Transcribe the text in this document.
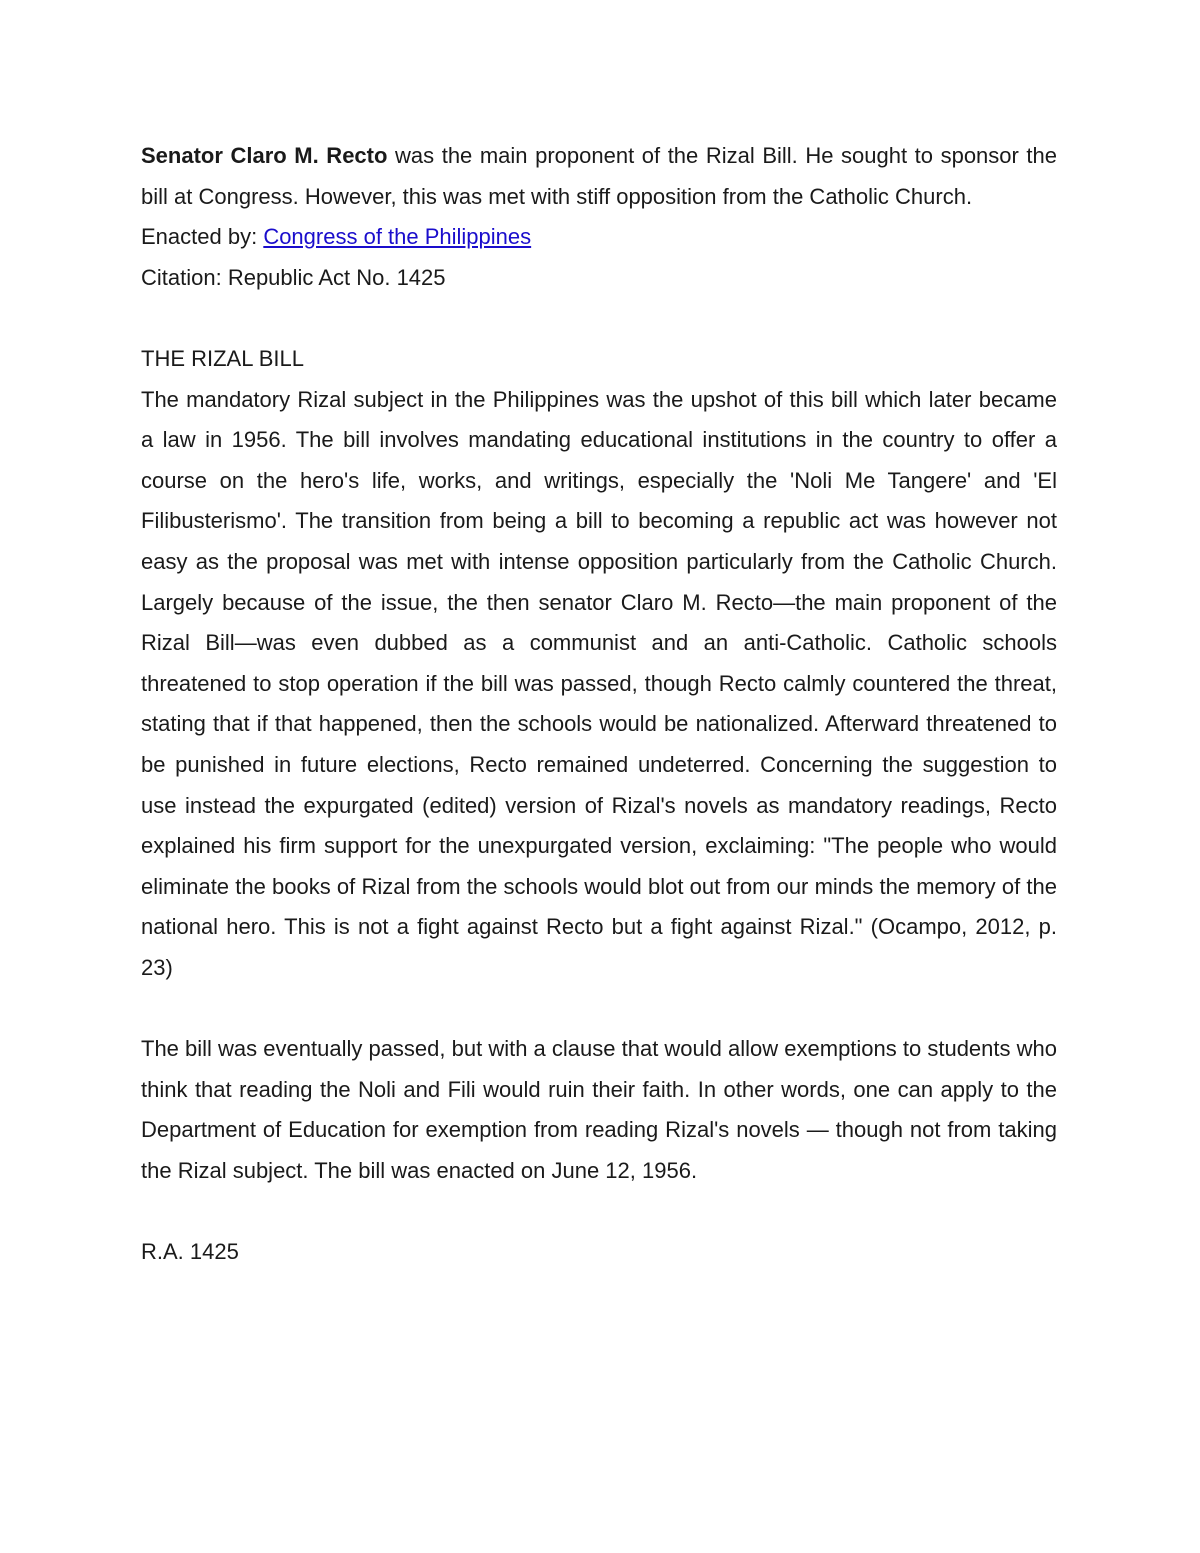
Senator Claro M. Recto was the main proponent of the Rizal Bill. He sought to sponsor the bill at Congress. However, this was met with stiff opposition from the Catholic Church.

Enacted by: Congress of the Philippines

Citation: Republic Act No. 1425

THE RIZAL BILL

The mandatory Rizal subject in the Philippines was the upshot of this bill which later became a law in 1956. The bill involves mandating educational institutions in the country to offer a course on the hero's life, works, and writings, especially the 'Noli Me Tangere' and 'El Filibusterismo'. The transition from being a bill to becoming a republic act was however not easy as the proposal was met with intense opposition particularly from the Catholic Church. Largely because of the issue, the then senator Claro M. Recto—the main proponent of the Rizal Bill—was even dubbed as a communist and an anti-Catholic. Catholic schools threatened to stop operation if the bill was passed, though Recto calmly countered the threat, stating that if that happened, then the schools would be nationalized. Afterward threatened to be punished in future elections, Recto remained undeterred. Concerning the suggestion to use instead the expurgated (edited) version of Rizal's novels as mandatory readings, Recto explained his firm support for the unexpurgated version, exclaiming: "The people who would eliminate the books of Rizal from the schools would blot out from our minds the memory of the national hero. This is not a fight against Recto but a fight against Rizal." (Ocampo, 2012, p. 23)

The bill was eventually passed, but with a clause that would allow exemptions to students who think that reading the Noli and Fili would ruin their faith. In other words, one can apply to the Department of Education for exemption from reading Rizal's novels — though not from taking the Rizal subject. The bill was enacted on June 12, 1956.

R.A. 1425
